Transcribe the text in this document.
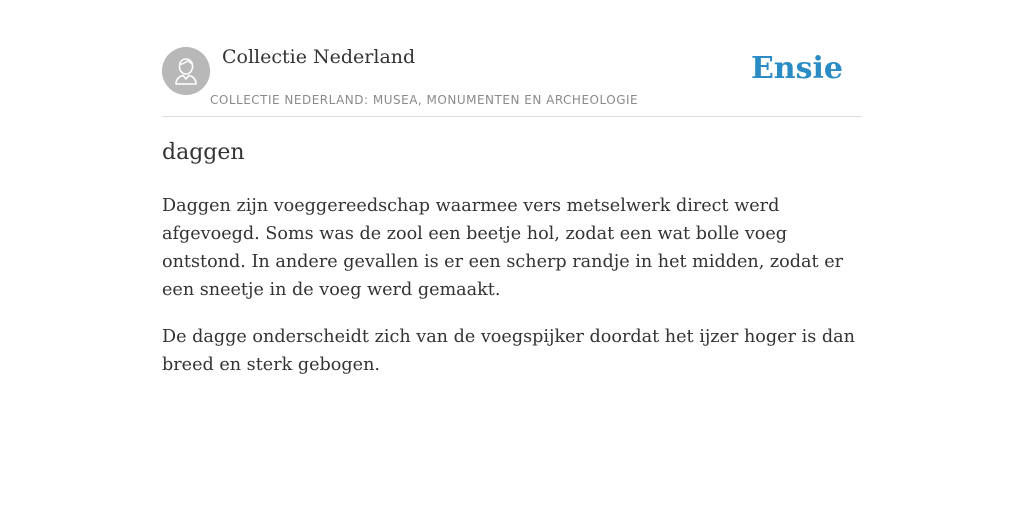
Collectie Nederland
COLLECTIE NEDERLAND: MUSEA, MONUMENTEN EN ARCHEOLOGIE
Ensie
daggen

Daggen zijn voeggereedschap waarmee vers metselwerk direct werd afgevoegd. Soms was de zool een beetje hol, zodat een wat bolle voeg ontstond. In andere gevallen is er een scherp randje in het midden, zodat er een sneetje in de voeg werd gemaakt.

De dagge onderscheidt zich van de voegspijker doordat het ijzer hoger is dan breed en sterk gebogen.
